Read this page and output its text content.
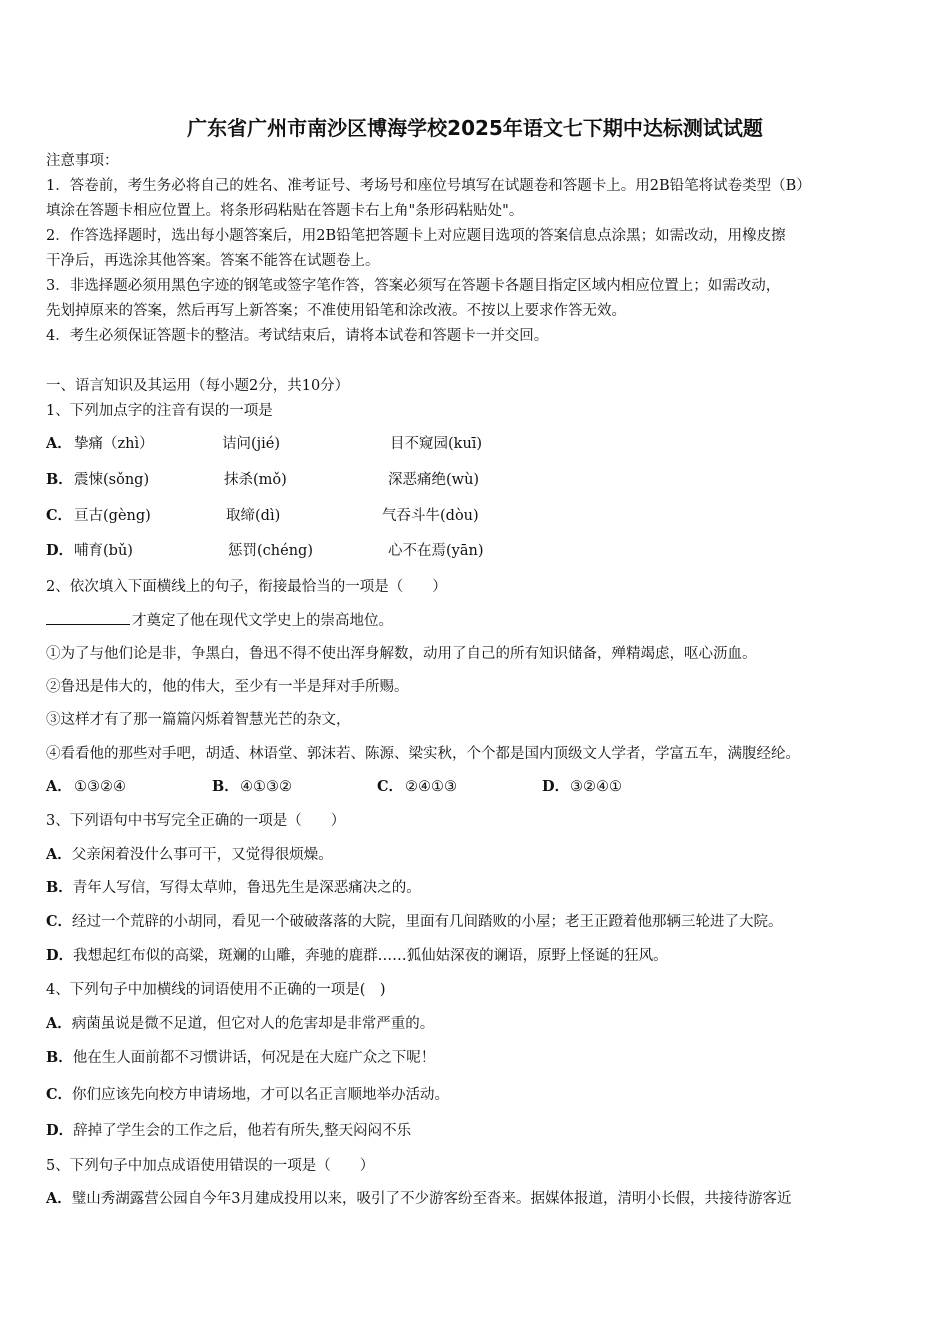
广东省广州市南沙区博海学校2025年语文七下期中达标测试试题
注意事项：
1．答卷前，考生务必将自己的姓名、准考证号、考场号和座位号填写在试题卷和答题卡上。用2B铅笔将试卷类型（B）
填涂在答题卡相应位置上。将条形码粘贴在答题卡右上角"条形码粘贴处"。
2．作答选择题时，选出每小题答案后，用2B铅笔把答题卡上对应题目选项的答案信息点涂黑；如需改动，用橡皮擦
干净后，再选涂其他答案。答案不能答在试题卷上。
3．非选择题必须用黑色字迹的钢笔或签字笔作答，答案必须写在答题卡各题目指定区域内相应位置上；如需改动，
先划掉原来的答案，然后再写上新答案；不准使用铅笔和涂改液。不按以上要求作答无效。
4．考生必须保证答题卡的整洁。考试结束后，请将本试卷和答题卡一并交回。
一、语言知识及其运用（每小题2分，共10分）
1、下列加点字的注音有误的一项是
A． 挚痛（zhì）	诘问(jié)	目不窥园(kuī)
B． 震悚(sǒng)	抹杀(mǒ)	深恶痛绝(wù)
C． 亘古(gèng)	取缔(dì)	气吞斗牛(dòu)
D． 哺育(bǔ)	惩罚(chéng)	心不在焉(yān)
2、依次填入下面横线上的句子，衔接最恰当的一项是（　　）
才奠定了他在现代文学史上的崇高地位。
①为了与他们论是非，争黑白，鲁迅不得不使出浑身解数，动用了自己的所有知识储备，殚精竭虑，呕心沥血。
②鲁迅是伟大的，他的伟大，至少有一半是拜对手所赐。
③这样才有了那一篇篇闪烁着智慧光芒的杂文，
④看看他的那些对手吧，胡适、林语堂、郭沫若、陈源、梁实秋，个个都是国内顶级文人学者，学富五车，满腹经纶。
A． ①③②④	B． ④①③②	C． ②④①③	D． ③②④①
3、下列语句中书写完全正确的一项是（　　）
A．父亲闲着没什么事可干，又觉得很烦燥。
B．青年人写信，写得太草帅，鲁迅先生是深恶痛决之的。
C．经过一个荒辟的小胡同，看见一个破破落落的大院，里面有几间踏败的小屋；老王正蹬着他那辆三轮进了大院。
D．我想起红布似的高粱，斑斓的山雕，奔驰的鹿群……狐仙姑深夜的谰语，原野上怪诞的狂风。
4、下列句子中加横线的词语使用不正确的一项是(　)
A．病菌虽说是微不足道，但它对人的危害却是非常严重的。
B．他在生人面前都不习惯讲话，何况是在大庭广众之下呢！
C．你们应该先向校方申请场地，才可以名正言顺地举办活动。
D．辞掉了学生会的工作之后，他若有所失,整天闷闷不乐
5、下列句子中加点成语使用错误的一项是（　　）
A．璧山秀湖露营公园自今年3月建成投用以来，吸引了不少游客纷至沓来。据媒体报道，清明小长假，共接待游客近
